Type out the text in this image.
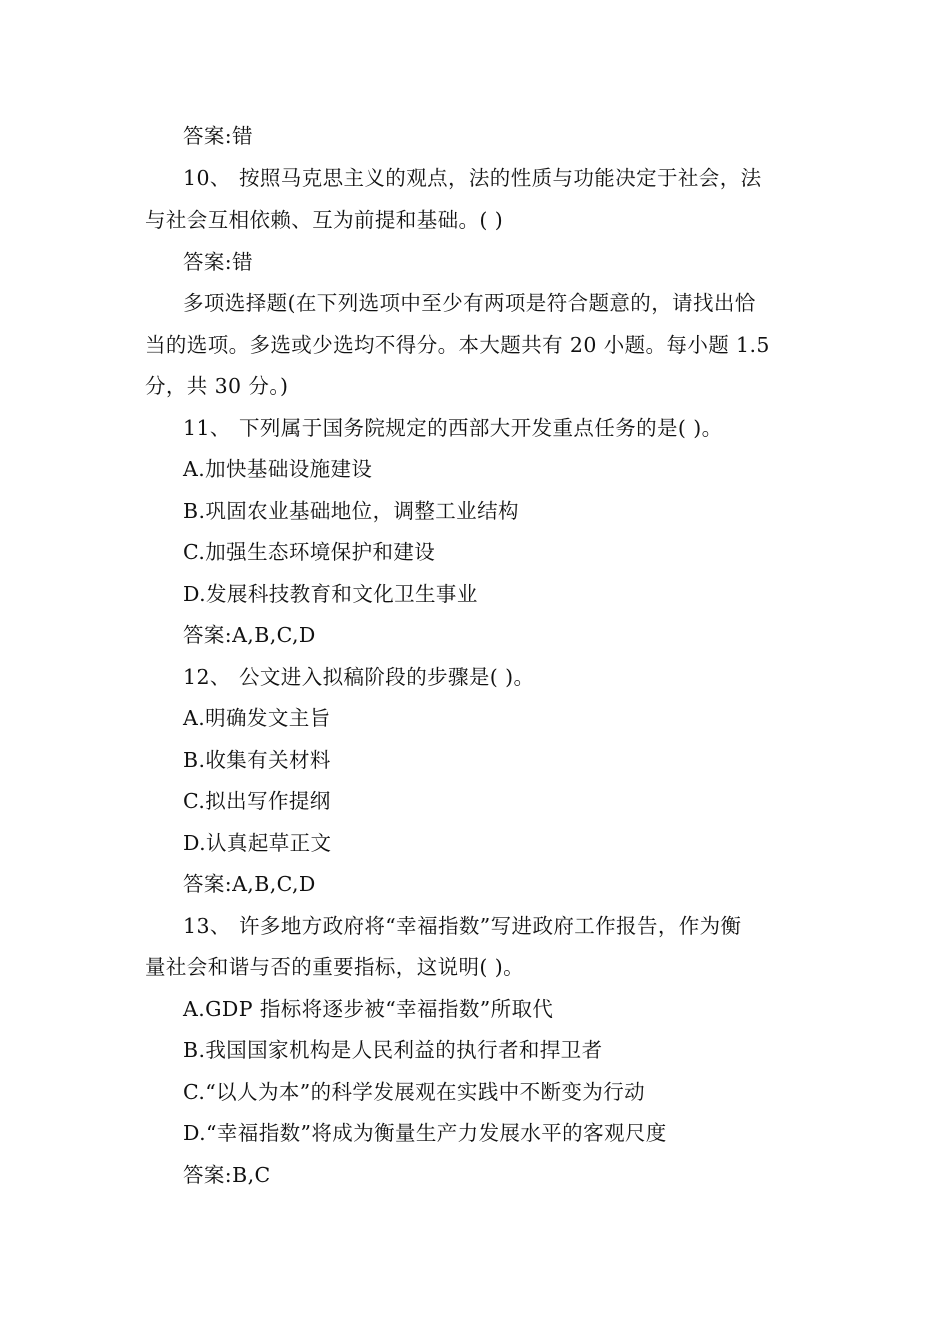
答案:错
10、 按照马克思主义的观点，法的性质与功能决定于社会，法
与社会互相依赖、互为前提和基础。( )
答案:错
多项选择题(在下列选项中至少有两项是符合题意的，请找出恰
当的选项。多选或少选均不得分。本大题共有 20 小题。每小题 1.5
分，共 30 分。)
11、 下列属于国务院规定的西部大开发重点任务的是( )。
A.加快基础设施建设
B.巩固农业基础地位，调整工业结构
C.加强生态环境保护和建设
D.发展科技教育和文化卫生事业
答案:A,B,C,D
12、 公文进入拟稿阶段的步骤是( )。
A.明确发文主旨
B.收集有关材料
C.拟出写作提纲
D.认真起草正文
答案:A,B,C,D
13、 许多地方政府将“幸福指数”写进政府工作报告，作为衡
量社会和谐与否的重要指标，这说明( )。
A.GDP 指标将逐步被“幸福指数”所取代
B.我国国家机构是人民利益的执行者和捍卫者
C.“以人为本”的科学发展观在实践中不断变为行动
D.“幸福指数”将成为衡量生产力发展水平的客观尺度
答案:B,C
